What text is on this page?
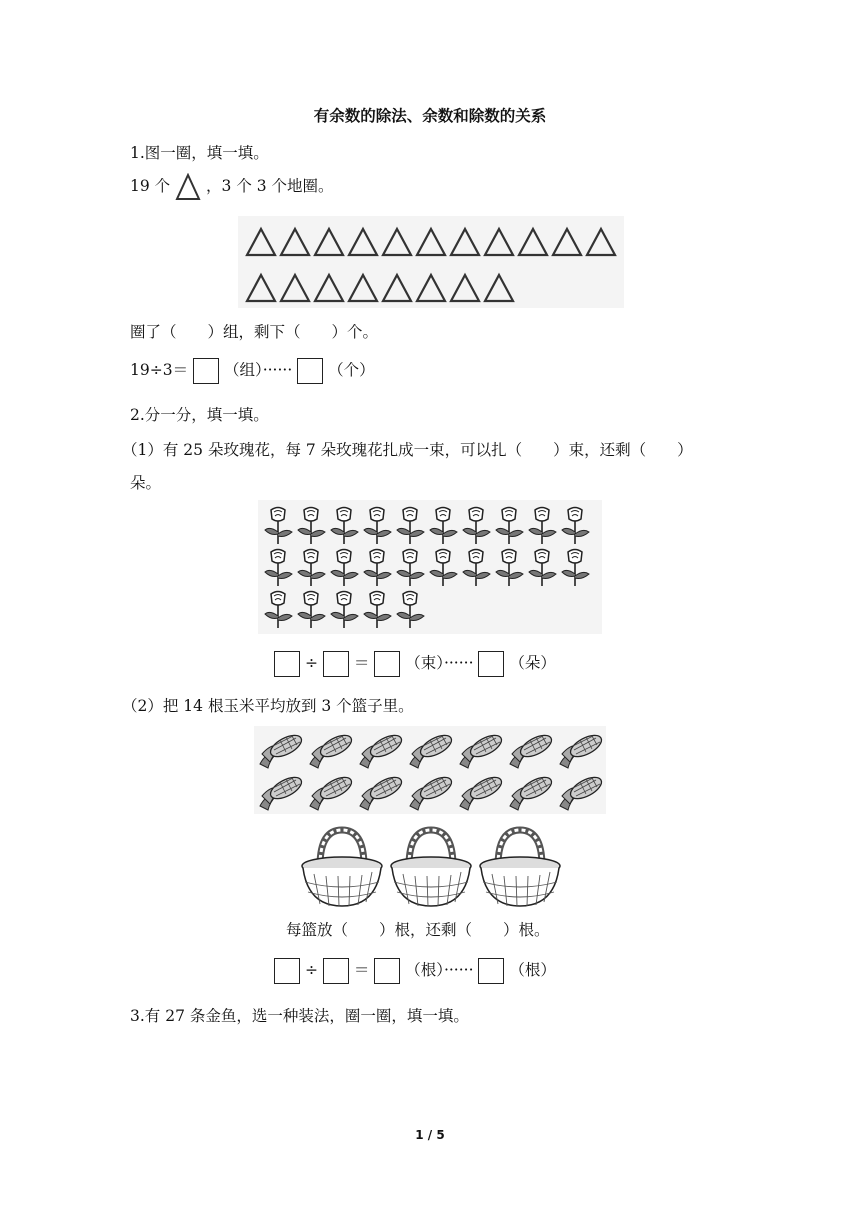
有余数的除法、余数和除数的关系
1.图一圈，填一填。
19 个 ，3 个 3 个地圈。
圈了（　　）组，剩下（　　）个。
19÷3＝ （组）······ （个）
2.分一分，填一填。
（1）有 25 朵玫瑰花，每 7 朵玫瑰花扎成一束，可以扎（　　）束，还剩（　　）
朵。
÷ ＝ （束）······ （朵）
（2）把 14 根玉米平均放到 3 个篮子里。
每篮放（　　）根，还剩（　　）根。
÷ ＝ （根）······ （根）
3.有 27 条金鱼，选一种装法，圈一圈，填一填。
1 / 5
